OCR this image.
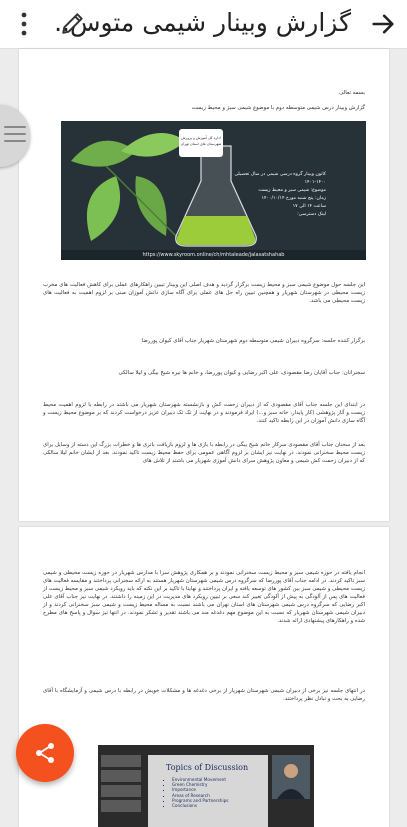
گزارش وبینار شیمی متوس..

بسمه تعالی

گزارش وبینار درس شیمی متوسطه دوم با موضوع شیمی سبز و محیط زیست

اداره کل آموزش و پرورش شهرستان های استان تهران
کانون وبینار گروه درسی شیمی در سال تحصیلی ۱۴۰۰-۱۴۰۱
موضوع: شیمی سبز و محیط زیست
زمان: پنج شنبه مورخ ۱۴۰۰/۱۰/۱۴
ساعت ۱۴ الی ۱۷
لینک دسترسی:
https://www.skyroom.online/ch/mhtaleade/jalasatshahab

این جلسه حول موضوع شیمی سبز و محیط زیست برگزار گردید و هدف اصلی این وبینار تبیین راهکارهای عملی برای کاهش فعالیت های مخرب زیست محیطی در شهرستان شهریار و همچنین تبیین راه حل های عملی برای آگاه سازی دانش آموزان مبنی بر لزوم اهمیت به فعالیت های زیست محیطی می باشد.

برگزار کننده جلسه: سرگروه دبیران شیمی متوسطه دوم شهرستان شهریار جناب آقای کیوان پوررضا

سخنرانان: جناب آقایان رضا مقصودی، علی اکبر رضایی و کیوان پوررضا، و خانم ها نیره شیخ بیگی و لیلا سالکی

در ابتدای این جلسه جناب آقای مقصودی که از دبیران زحمت کش و بازنشسته شهرستان شهریار می باشند در رابطه با لزوم اهمیت محیط زیست و آثار پژوهشی (کار پایدار، خانه سبز و...) ایراد فرمودند و در نهایت از تک تک دبیران عزیز درخواست کردند که بر موضوع محیط زیست و آگاه سازی دانش آموزان در این رابطه تاکید کنند.

بعد از سخنان جناب آقای مقصودی سرکار خانم شیخ بیگی در رابطه با بازی ها و لزوم بازیافت باتری ها و خطرات بزرگ این دسته از وسایل برای زیست محیط سخنرانی نمودند. در نهایت نیز ایشان بر لزوم آگاهی عمومی برای حفظ محیط زیست تاکید نمودند. بعد از ایشان خانم لیلا سالکی که از دبیران زحمت کش شیمی و معاون پژوهش سرای دانش آموزی شهریار می باشند از تلاش های

انجام یافته در حوزه شیمی سبز و محیط زیست سخنرانی نمودند و بر همکاری پژوهش سرا با مدارس شهریار در حوزه زیست محیطی و شیمی سبز تاکید کردند. در ادامه جناب آقای پوررضا که سرگروه درس شیمی شهرستان شهریار هستند به ارائه سخنرانی پرداختند و مقایسه فعالیت های زیست محیطی و شیمی سبز بین کشور های توسعه یافته و ایران پرداختند و نهایتا با تاکید بر این نکته که باید رویکرد شیمی سبز و محیط زیست از فعالیت های پس از آلودگی به پیش از آلودگی تغییر کند سعی بر تبیین رویکرد های مدیریت در این زمینه را داشتند. در نهایت نیز جناب آقای علی اکبر رضایی که سرگروه درس شیمی شهرستان های استان تهران می باشند نسبت به مساله محیط زیست و شیمی سبز سخنرانی کردند و از دبیران شیمی شهرستان شهریار که نسبت به این موضوع مهم دغدغه مند می باشند تقدیر و تشکر نمودند. در انتها نیز سوال و پاسخ های مطرح شده و راهکارهای پیشنهادی ارائه شدند.

در انتهای جلسه نیز برخی از دبیران شیمی شهرستان شهریار از برخی دغدغه ها و مشکلات خویش در رابطه با درس شیمی و آزمایشگاه با آقای رضایی به بحث و تبادل نظر پرداختند.

Topics of Discussion
▪ Environmental Movement
▪ Green Chemistry
▪ Importance
▪ Areas of Research
▪ Programs and Partnerships
▪ Conclusions
